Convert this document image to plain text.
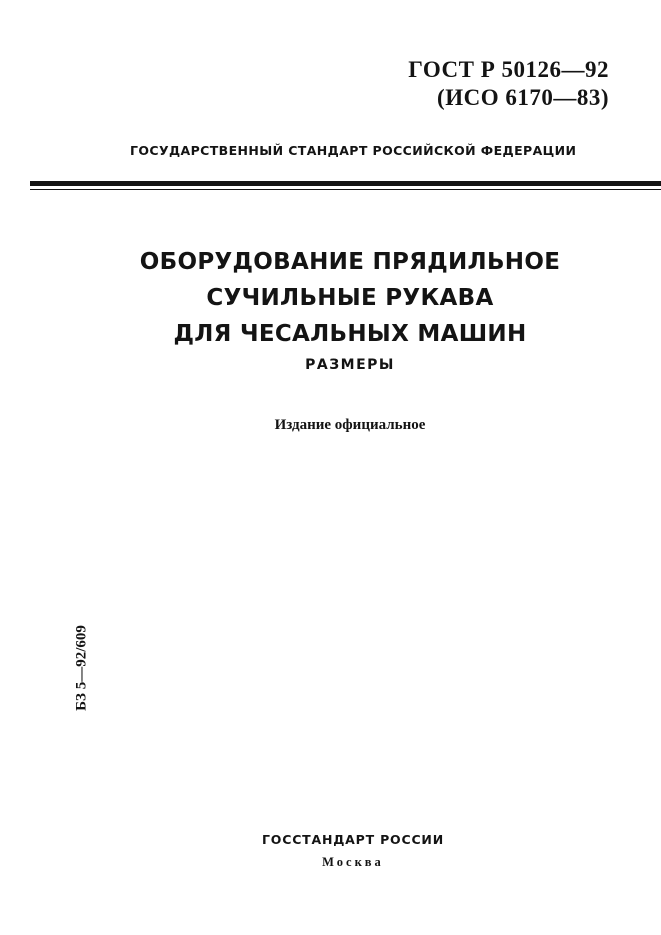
ГОСТ Р 50126—92
(ИСО 6170—83)
ГОСУДАРСТВЕННЫЙ СТАНДАРТ РОССИЙСКОЙ ФЕДЕРАЦИИ
ОБОРУДОВАНИЕ ПРЯДИЛЬНОЕ
СУЧИЛЬНЫЕ РУКАВА
ДЛЯ ЧЕСАЛЬНЫХ МАШИН
РАЗМЕРЫ
Издание официальное
БЗ 5—92/609
ГОССТАНДАРТ РОССИИ
Москва
